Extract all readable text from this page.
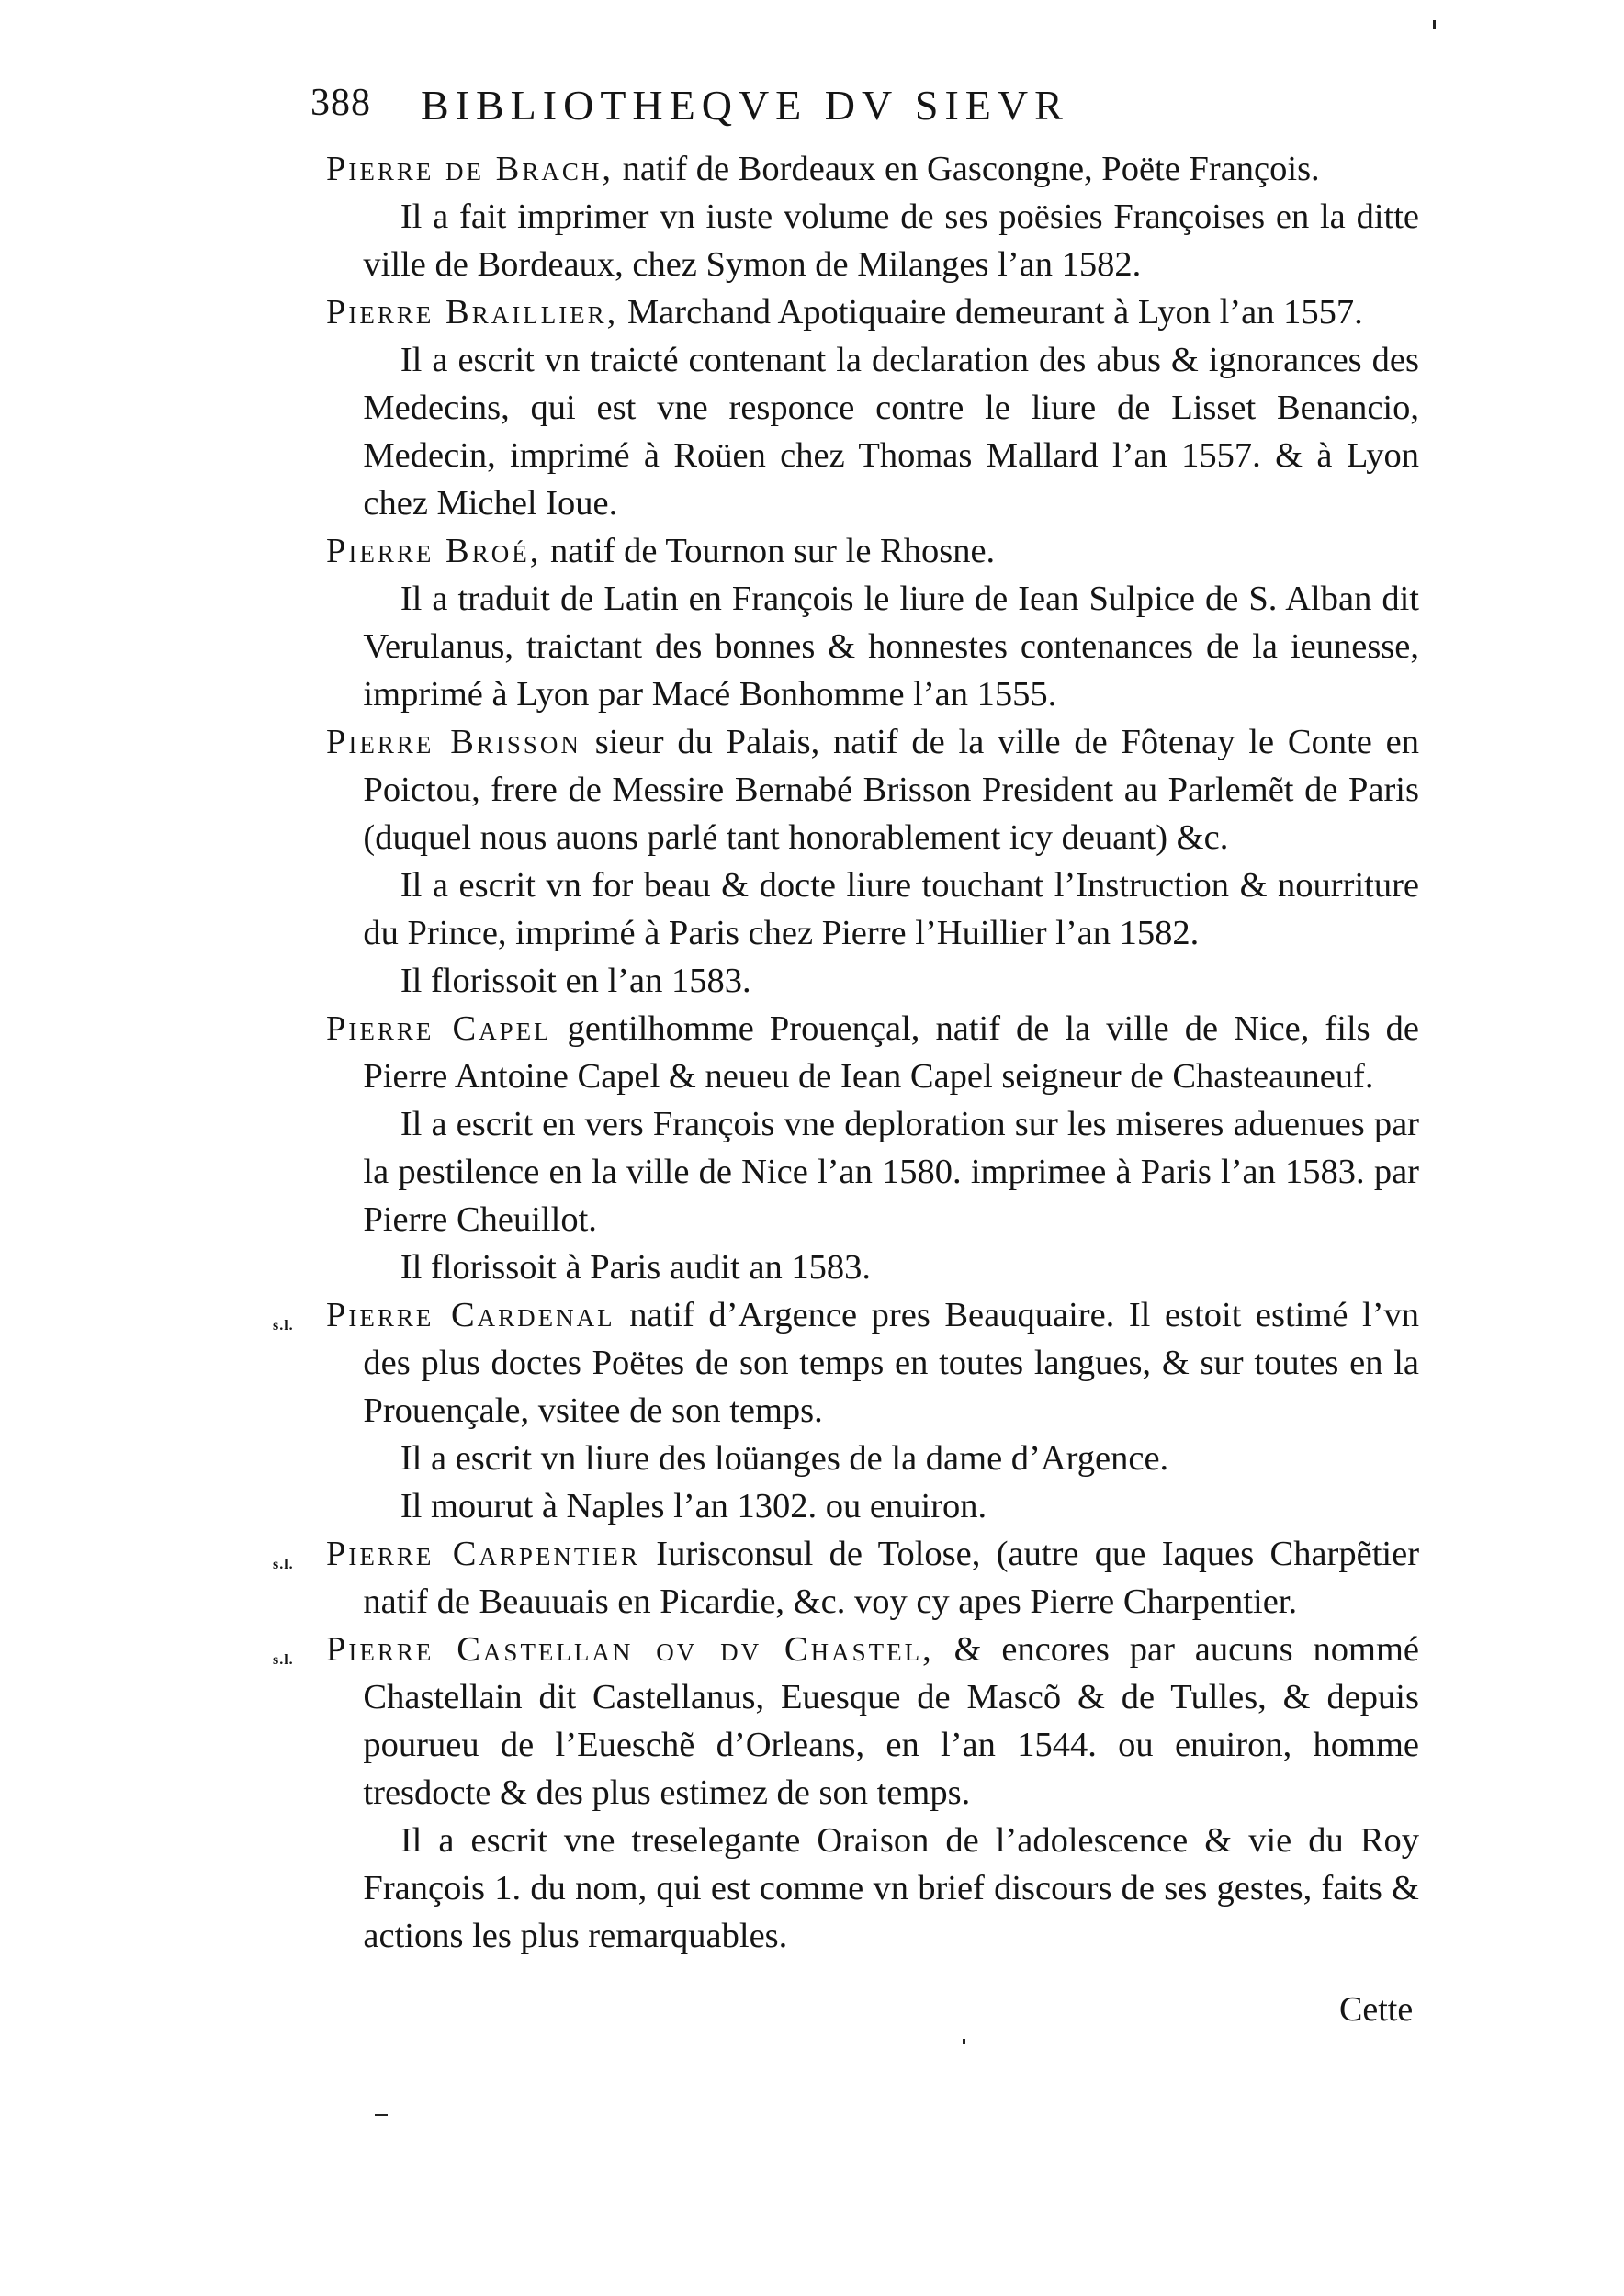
388 BIBLIOTHEQVE DV SIEVR

Pierre de Brach, natif de Bordeaux en Gascongne, Poëte François.

Il a fait imprimer vn iuste volume de ses poësies Françoises en la ditte ville de Bordeaux, chez Symon de Milanges l’an 1582.

Pierre Braillier, Marchand Apotiquaire demeurant à Lyon l’an 1557.

Il a escrit vn traicté contenant la declaration des abus & ignorances des Medecins, qui est vne responce contre le liure de Lisset Benancio, Medecin, imprimé à Roüen chez Thomas Mallard l’an 1557. & à Lyon chez Michel Ioue.

Pierre Broé, natif de Tournon sur le Rhosne.

Il a traduit de Latin en François le liure de Iean Sulpice de S. Alban dit Verulanus, traictant des bonnes & honnestes contenances de la ieunesse, imprimé à Lyon par Macé Bonhomme l’an 1555.

Pierre Brisson sieur du Palais, natif de la ville de Fôtenay le Conte en Poictou, frere de Messire Bernabé Brisson President au Parlemẽt de Paris (duquel nous auons parlé tant honorablement icy deuant) &c.

Il a escrit vn for beau & docte liure touchant l’Instruction & nourriture du Prince, imprimé à Paris chez Pierre l’Huillier l’an 1582.

Il florissoit en l’an 1583.

Pierre Capel gentilhomme Prouençal, natif de la ville de Nice, fils de Pierre Antoine Capel & neueu de Iean Capel seigneur de Chasteauneuf.

Il a escrit en vers François vne deploration sur les miseres aduenues par la pestilence en la ville de Nice l’an 1580. imprimee à Paris l’an 1583. par Pierre Cheuillot.

Il florissoit à Paris audit an 1583.

s.l. Pierre Cardenal natif d’Argence pres Beauquaire. Il estoit estimé l’vn des plus doctes Poëtes de son temps en toutes langues, & sur toutes en la Prouençale, vsitee de son temps.

Il a escrit vn liure des loüanges de la dame d’Argence.

Il mourut à Naples l’an 1302. ou enuiron.

s.l. Pierre Carpentier Iurisconsul de Tolose, (autre que Iaques Charpẽtier natif de Beauuais en Picardie, &c. voy cy apes Pierre Charpentier.

s.l. Pierre Castellan ov dv Chastel, & encores par aucuns nommé Chastellain dit Castellanus, Euesque de Mascõ & de Tulles, & depuis pourueu de l’Eueschẽ d’Orleans, en l’an 1544. ou enuiron, homme tresdocte & des plus estimez de son temps.

Il a escrit vne treselegante Oraison de l’adolescence & vie du Roy François 1. du nom, qui est comme vn brief discours de ses gestes, faits & actions les plus remarquables.

Cette
